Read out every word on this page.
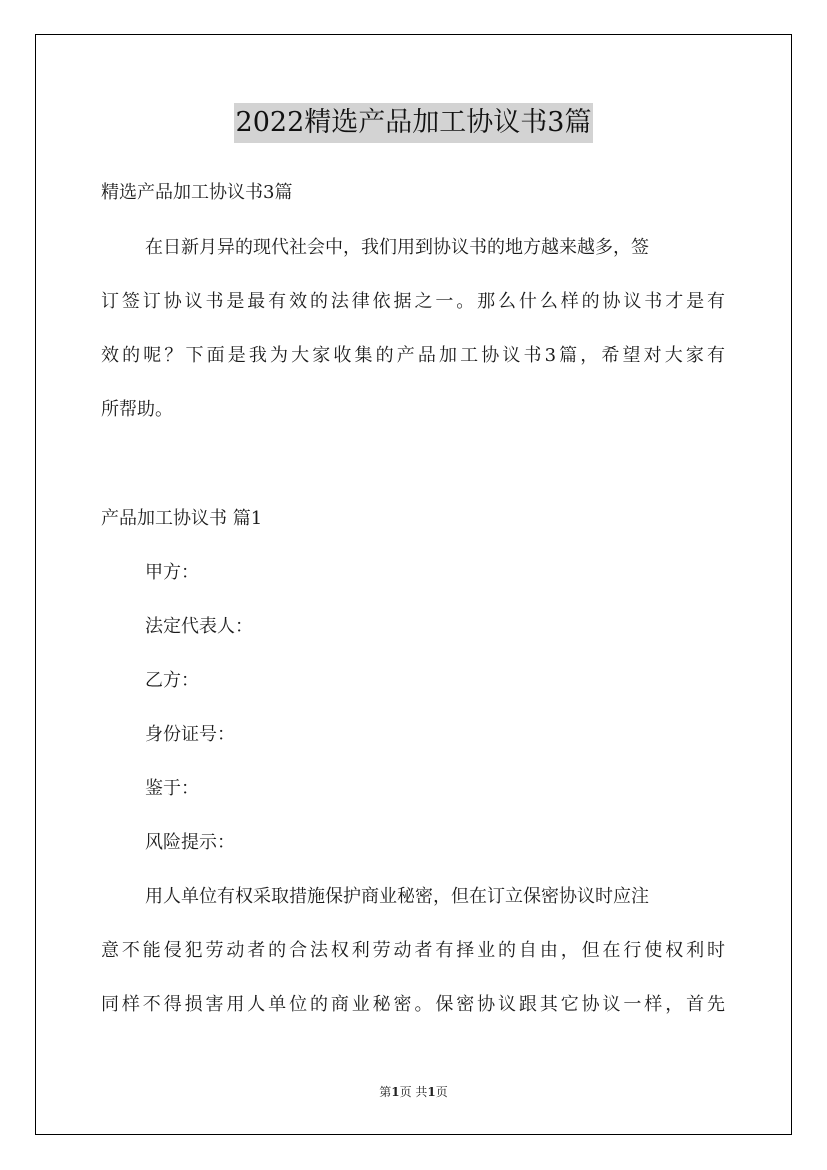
2022精选产品加工协议书3篇
精选产品加工协议书3篇
在日新月异的现代社会中，我们用到协议书的地方越来越多，签
订签订协议书是最有效的法律依据之一。那么什么样的协议书才是有
效的呢？下面是我为大家收集的产品加工协议书3篇，希望对大家有
所帮助。
产品加工协议书 篇1
甲方：
法定代表人：
乙方：
身份证号：
鉴于：
风险提示：
用人单位有权采取措施保护商业秘密，但在订立保密协议时应注
意不能侵犯劳动者的合法权利劳动者有择业的自由，但在行使权利时
同样不得损害用人单位的商业秘密。保密协议跟其它协议一样，首先
第1页 共1页
